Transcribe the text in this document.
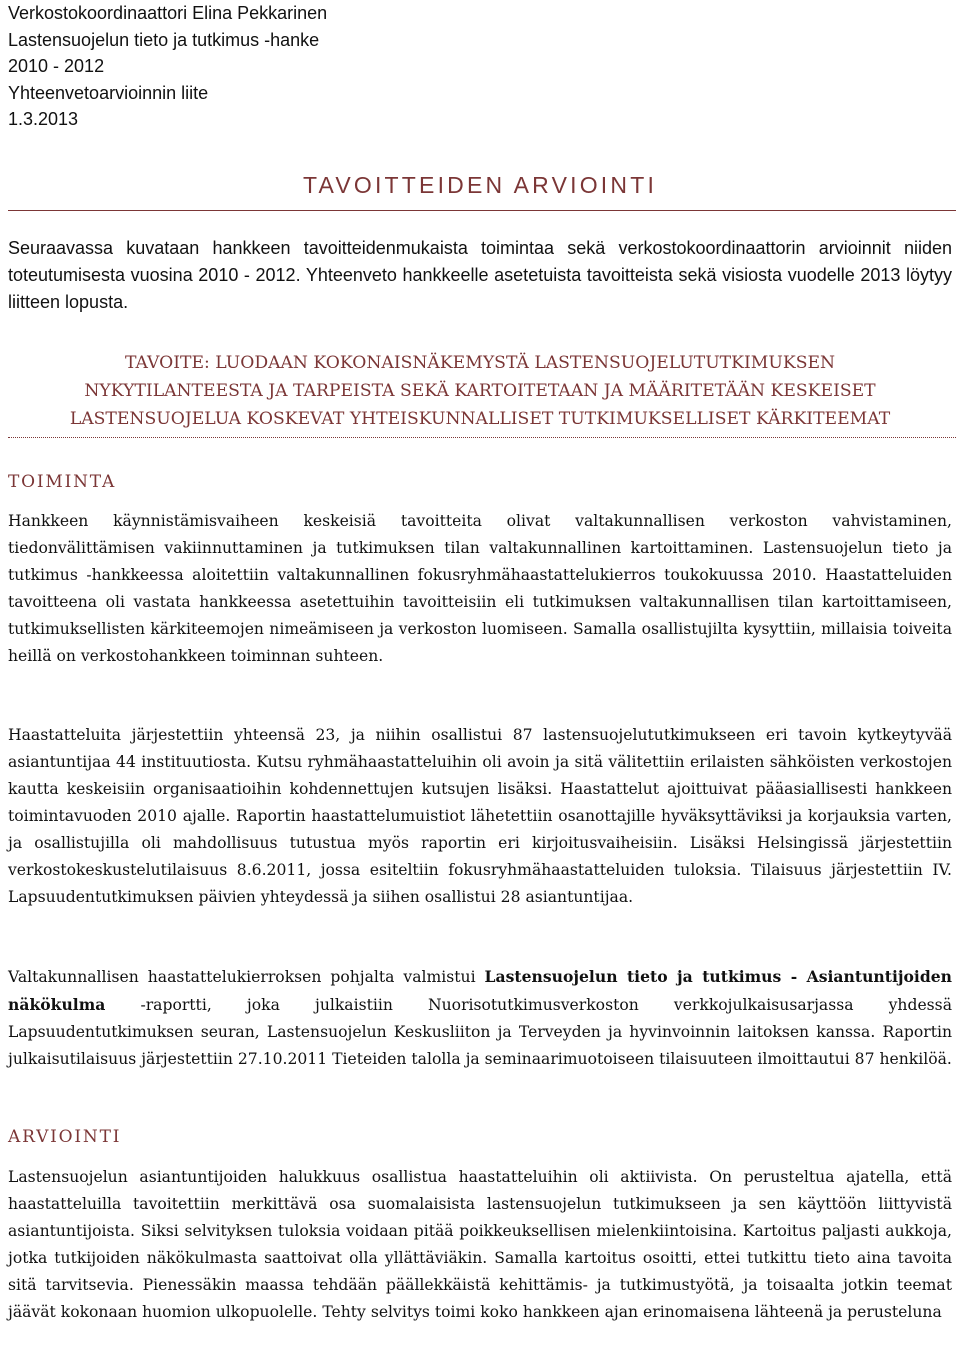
Verkostokoordinaattori Elina Pekkarinen
Lastensuojelun tieto ja tutkimus -hanke
2010 - 2012
Yhteenvetoarvioinnin liite
1.3.2013
TAVOITTEIDEN ARVIOINTI

Seuraavassa kuvataan hankkeen tavoitteidenmukaista toimintaa sekä verkostokoordinaattorin arvioinnit niiden toteutumisesta vuosina 2010 - 2012. Yhteenveto hankkeelle asetetuista tavoitteista sekä visiosta vuodelle 2013 löytyy liitteen lopusta.

TAVOITE: LUODAAN KOKONAISNÄKEMYSTÄ LASTENSUOJELUTUTKIMUKSEN
NYKYTILANTEESTA JA TARPEISTA SEKÄ KARTOITETAAN JA MÄÄRITETÄÄN KESKEISET
LASTENSUOJELUA KOSKEVAT YHTEISKUNNALLISET TUTKIMUKSELLISET KÄRKITEEMAT
TOIMINTA

Hankkeen käynnistämisvaiheen keskeisiä tavoitteita olivat valtakunnallisen verkoston vahvistaminen, tiedonvälittämisen vakiinnuttaminen ja tutkimuksen tilan valtakunnallinen kartoittaminen. Lastensuojelun tieto ja tutkimus -hankkeessa aloitettiin valtakunnallinen fokusryhmähaastattelukierros toukokuussa 2010. Haastatteluiden tavoitteena oli vastata hankkeessa asetettuihin tavoitteisiin eli tutkimuksen valtakunnallisen tilan kartoittamiseen, tutkimuksellisten kärkiteemojen nimeämiseen ja verkoston luomiseen. Samalla osallistujilta kysyttiin, millaisia toiveita heillä on verkostohankkeen toiminnan suhteen.

Haastatteluita järjestettiin yhteensä 23, ja niihin osallistui 87 lastensuojelututkimukseen eri tavoin kytkeytyvää asiantuntijaa 44 instituutiosta. Kutsu ryhmähaastatteluihin oli avoin ja sitä välitettiin erilaisten sähköisten verkostojen kautta keskeisiin organisaatioihin kohdennettujen kutsujen lisäksi. Haastattelut ajoittuivat pääasiallisesti hankkeen toimintavuoden 2010 ajalle. Raportin haastattelumuistiot lähetettiin osanottajille hyväksyttäviksi ja korjauksia varten, ja osallistujilla oli mahdollisuus tutustua myös raportin eri kirjoitusvaiheisiin. Lisäksi Helsingissä järjestettiin verkostokeskustelutilaisuus 8.6.2011, jossa esiteltiin fokusryhmähaastatteluiden tuloksia. Tilaisuus järjestettiin IV. Lapsuudentutkimuksen päivien yhteydessä ja siihen osallistui 28 asiantuntijaa.

Valtakunnallisen haastattelukierroksen pohjalta valmistui Lastensuojelun tieto ja tutkimus - Asiantuntijoiden näkökulma -raportti, joka julkaistiin Nuorisotutkimusverkoston verkkojulkaisusarjassa yhdessä Lapsuudentutkimuksen seuran, Lastensuojelun Keskusliiton ja Terveyden ja hyvinvoinnin laitoksen kanssa. Raportin julkaisutilaisuus järjestettiin 27.10.2011 Tieteiden talolla ja seminaarimuotoiseen tilaisuuteen ilmoittautui 87 henkilöä.

ARVIOINTI

Lastensuojelun asiantuntijoiden halukkuus osallistua haastatteluihin oli aktiivista. On perusteltua ajatella, että haastatteluilla tavoitettiin merkittävä osa suomalaisista lastensuojelun tutkimukseen ja sen käyttöön liittyvistä asiantuntijoista. Siksi selvityksen tuloksia voidaan pitää poikkeuksellisen mielenkiintoisina. Kartoitus paljasti aukkoja, jotka tutkijoiden näkökulmasta saattoivat olla yllättäviäkin. Samalla kartoitus osoitti, ettei tutkittu tieto aina tavoita sitä tarvitsevia. Pienessäkin maassa tehdään päällekkäistä kehittämis- ja tutkimustyötä, ja toisaalta jotkin teemat jäävät kokonaan huomion ulkopuolelle. Tehty selvitys toimi koko hankkeen ajan erinomaisena lähteenä ja perusteluna
